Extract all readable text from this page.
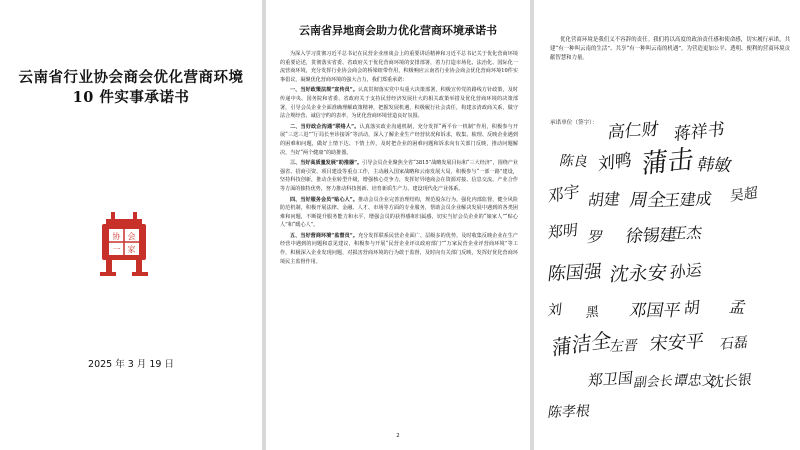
云南省行业协会商会优化营商环境
10 件实事承诺书
协 会
一 家
2025 年 3 月 19 日
云南省异地商会助力优化营商环境承诺书

为深入学习贯彻习近平总书记在民营企业座谈会上的重要讲话精神和习近平总书记关于优化营商环境的重要论述，贯彻落实省委、省政府关于优化营商环境的安排部署，着力打造市场化、法治化、国际化一流营商环境，充分发挥行业协会商会的桥梁纽带作用，积极响应云南省行业协会商会优化营商环境10件实事倡议，凝聚优化营商环境的强大合力，我们郑重承诺：

一、当好政策法规“宣传员”。认真贯彻落实党中央重大决策部署，积极宣传党的路线方针政策，及时传递中央、国务院和省委、省政府关于支持民营经济发展壮大的相关政策举措及优化营商环境的决策部署，引导会员企业全面准确理解政策精神，把握发展机遇，积极履行社会责任，构建亲清政商关系，做守法合规经营、诚信守约的表率，为优化营商环境营造良好氛围。

二、当好政企沟通“联络人”。认真落实政企沟通机制，充分发挥“两平台一机制”作用，积极参与开展“三送三进”“厅局长坐诊接诉”等活动，深入了解企业生产经营状况和诉求，收集、梳理、反映企业遇到的困难和问题，做好上情下达、下情上传，及时把企业的困难问题和诉求向有关部门反映，推动问题解决，当好“两个健康”的助推器。

三、当好高质量发展“助推器”。引导会员企业聚焦全省“3815”战略发展目标和“三大经济”，围绕产业强省、招商引资、项目建设等重点工作，主动融入国家战略和云南发展大局，积极参与“一部一路”建设，坚持科技创新，推动企业转型升级，增强核心竞争力，发挥好异地商会在资源对接、信息交流、产业合作等方面的独特优势，努力推动科技创新、培育新质生产力、建设现代化产业体系。

四、当好服务会员“贴心人”。推动会员企业完善治理结构，规范股东行为，强化内部监督，健全风险防范机制，积极开展法律、金融、人才、市场等方面的专业服务，帮助会员企业解决发展中遇到的各类困难和问题，不断提升服务能力和水平，增强会员的获得感和归属感，切实当好会员企业的“娘家人”“贴心人”和“暖心人”。

五、当好营商环境“监督员”。充分发挥联系民营企业面广、层级多的优势，及时收集反映企业在生产经营中遇到的问题和意见建议，积极参与开展“民营企业评议政府部门”“万家民营企业评营商环境”等工作，积极深入企业发现问题，对损害营商环境的行为敢于监督，及时向有关部门反映，发挥好优化营商环境民主监督作用。

2

优化营商环境是我们义不容辞的责任。我们将以高度的政治责任感和使命感，切实履行承诺，共建“有一种叫云南的生活”、共享“有一种叫云南的机遇”，为营造更加公平、透明、便利的营商环境贡献智慧和力量。

承诺单位（签字）： 高仁财 蒋祥书
陈良 刘鸭 蒲击 韩敏
邓宇 胡建 周全
王建成 吴超
郑明 罗 徐锡建
王杰
陈国强 沈永安 孙运
刘 黑 邓国平 胡 孟
蒲洁全
左晋 宋安平 石磊
郑卫国 副会长
谭忠文
沈长银
陈孝根
